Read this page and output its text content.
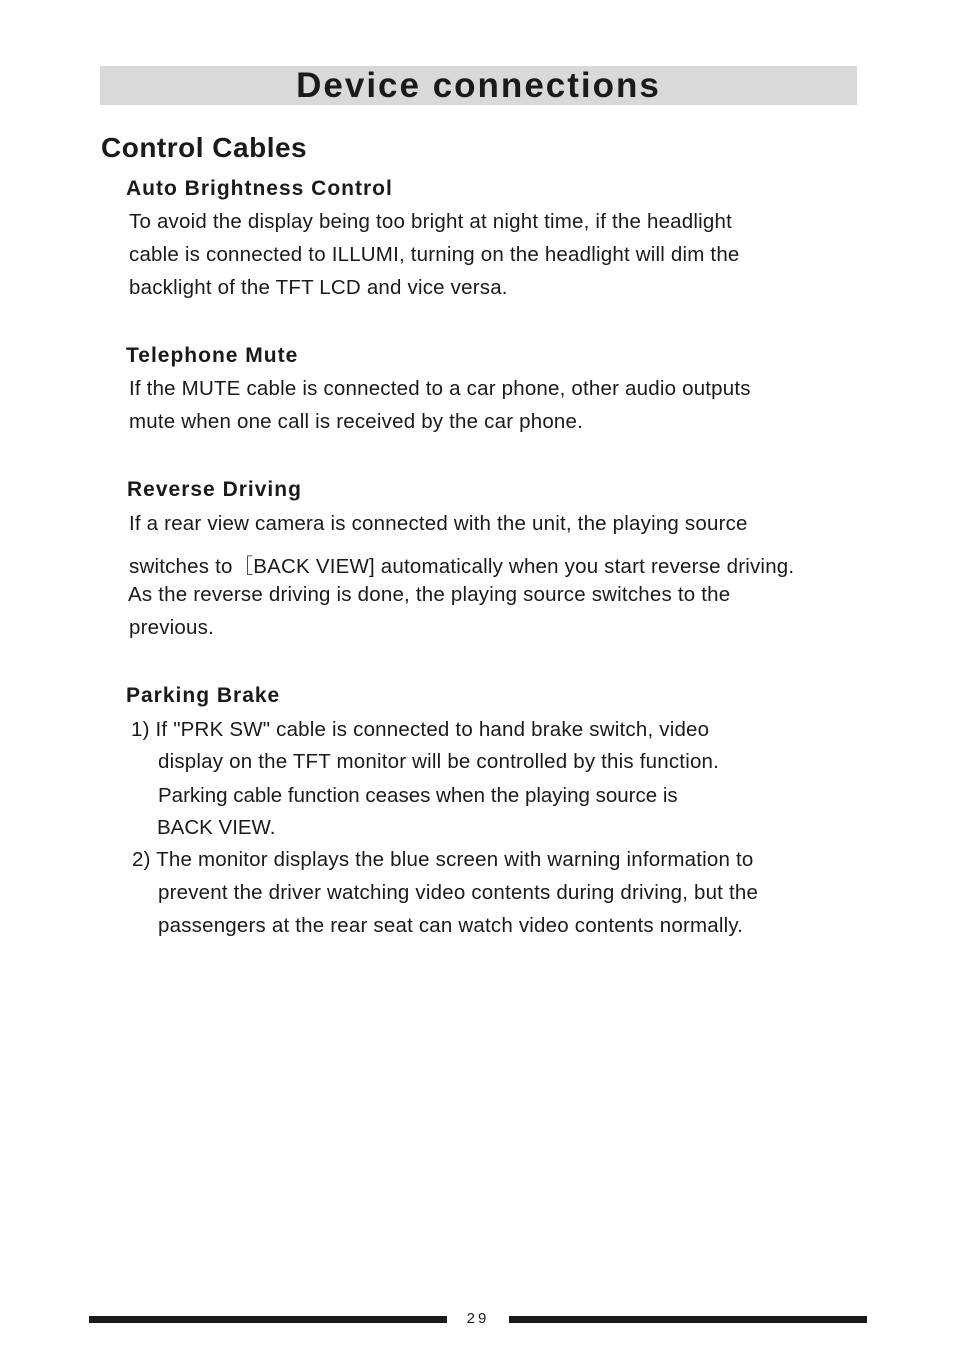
Device connections
Control Cables
Auto Brightness Control
To avoid the display being too bright at night time, if the headlight
cable is connected to ILLUMI, turning on the headlight will dim the
backlight of the TFT LCD and vice versa.
Telephone Mute
If the MUTE cable is connected to a car phone, other audio outputs
mute when one call is received by the car phone.
Reverse Driving
If a rear view camera is connected with the unit, the playing source
switches to［BACK VIEW] automatically when you start reverse driving.
As the reverse driving is done, the playing source switches to the
previous.
Parking Brake
1) If "PRK SW" cable is connected to hand brake switch, video
display on the TFT monitor will be controlled by this function.
Parking cable function ceases when the playing source is
BACK VIEW.
2) The monitor displays the blue screen with warning information to
prevent the driver watching video contents during driving, but the
passengers at the rear seat can watch video contents normally.
29
